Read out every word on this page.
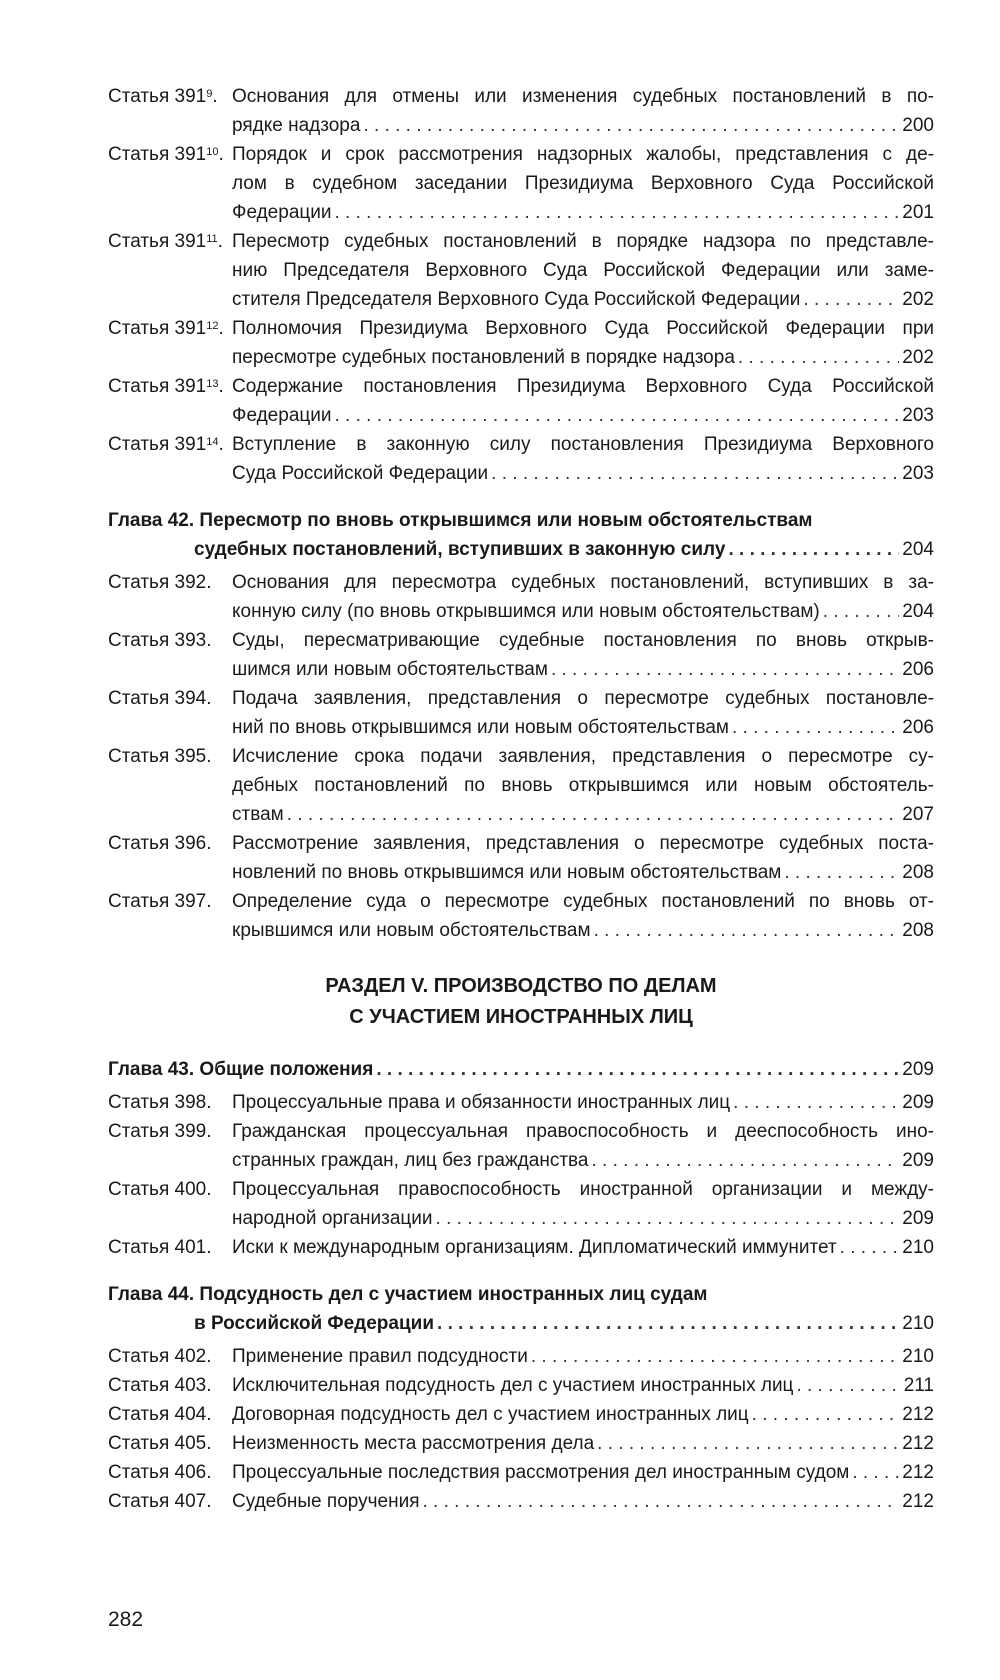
Статья $391^9$. Основания для отмены или изменения судебных постановлений в по-
рядке надзора . . .	200
Статья $391^{10}$. Порядок и срок рассмотрения надзорных жалобы, представления с де-
лом в судебном заседании Президиума Верховного Суда Российской
Федерации . . .	201
Статья $391^{11}$. Пересмотр судебных постановлений в порядке надзора по представле-
нию Председателя Верховного Суда Российской Федерации или заме-
стителя Председателя Верховного Суда Российской Федерации . . .	202
Статья $391^{12}$. Полномочия Президиума Верховного Суда Российской Федерации при
пересмотре судебных постановлений в порядке надзора . . .	202
Статья $391^{13}$. Содержание постановления Президиума Верховного Суда Российской
Федерации . . .	203
Статья $391^{14}$. Вступление в законную силу постановления Президиума Верховного
Суда Российской Федерации . . .	203
Глава 42. Пересмотр по вновь открывшимся или новым обстоятельствам
судебных постановлений, вступивших в законную силу . . .	204
Статья 392.	Основания для пересмотра судебных постановлений, вступивших в за-
конную силу (по вновь открывшимся или новым обстоятельствам) . . .	204
Статья 393.	Суды, пересматривающие судебные постановления по вновь открыв-
шимся или новым обстоятельствам . . .	206
Статья 394.	Подача заявления, представления о пересмотре судебных постановле-
ний по вновь открывшимся или новым обстоятельствам . . .	206
Статья 395.	Исчисление срока подачи заявления, представления о пересмотре су-
дебных постановлений по вновь открывшимся или новым обстоятель-
ствам . . .	207
Статья 396.	Рассмотрение заявления, представления о пересмотре судебных поста-
новлений по вновь открывшимся или новым обстоятельствам . . .	208
Статья 397.	Определение суда о пересмотре судебных постановлений по вновь от-
крывшимся или новым обстоятельствам . . .	208
РАЗДЕЛ V. ПРОИЗВОДСТВО ПО ДЕЛАМ
С УЧАСТИЕМ ИНОСТРАННЫХ ЛИЦ
Глава 43. Общие положения . . .	209
Статья 398.	Процессуальные права и обязанности иностранных лиц . . .	209
Статья 399.	Гражданская процессуальная правоспособность и дееспособность ино-
странных граждан, лиц без гражданства . . .	209
Статья 400.	Процессуальная правоспособность иностранной организации и между-
народной организации . . .	209
Статья 401.	Иски к международным организациям. Дипломатический иммунитет . . .	210
Глава 44. Подсудность дел с участием иностранных лиц судам
в Российской Федерации . . .	210
Статья 402.	Применение правил подсудности . . .	210
Статья 403.	Исключительная подсудность дел с участием иностранных лиц . . .	211
Статья 404.	Договорная подсудность дел с участием иностранных лиц . . .	212
Статья 405.	Неизменность места рассмотрения дела . . .	212
Статья 406.	Процессуальные последствия рассмотрения дел иностранным судом . . .	212
Статья 407.	Судебные поручения . . .	212
282
